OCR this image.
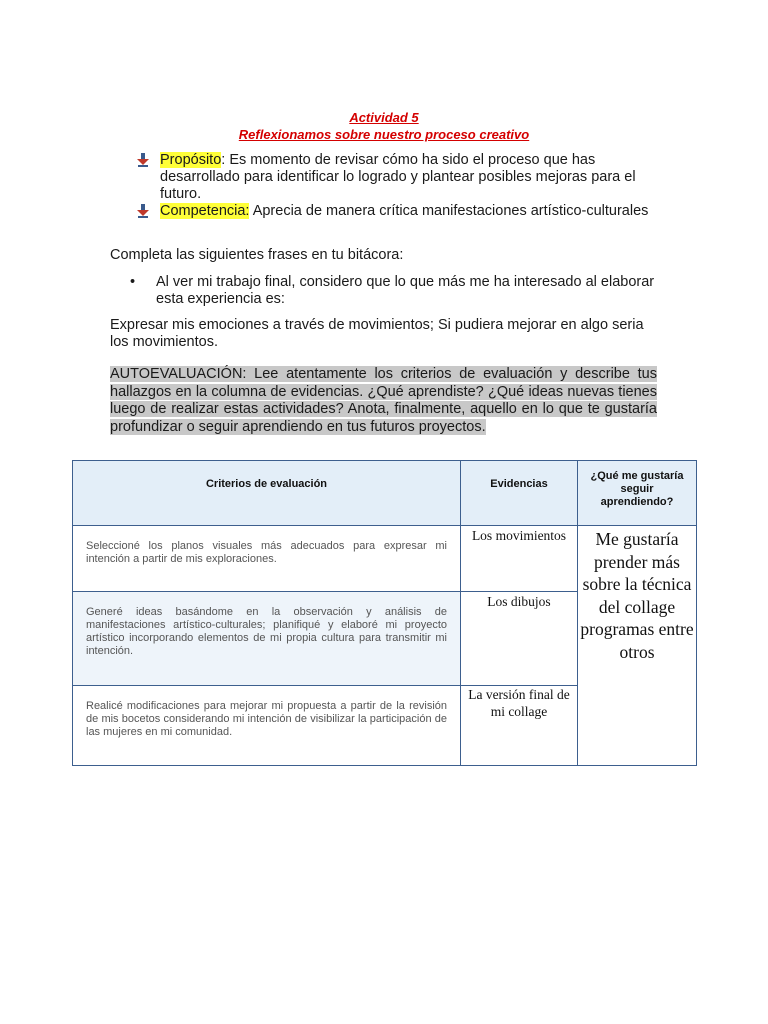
Actividad 5
Reflexionamos sobre nuestro proceso creativo
Propósito: Es momento de revisar cómo ha sido el proceso que has desarrollado para identificar lo logrado y plantear posibles mejoras para el futuro.
Competencia: Aprecia de manera crítica manifestaciones artístico-culturales
Completa las siguientes frases en tu bitácora:
• Al ver mi trabajo final, considero que lo que más me ha interesado al elaborar esta experiencia es:
Expresar mis emociones a través de movimientos; Si pudiera mejorar en algo seria los movimientos.
AUTOEVALUACIÓN: Lee atentamente los criterios de evaluación y describe tus hallazgos en la columna de evidencias. ¿Qué aprendiste? ¿Qué ideas nuevas tienes luego de realizar estas actividades? Anota, finalmente, aquello en lo que te gustaría profundizar o seguir aprendiendo en tus futuros proyectos.
Criterios de evaluación	Evidencias	¿Qué me gustaría seguir aprendiendo?

Seleccioné los planos visuales más adecuados para expresar mi intención a partir de mis exploraciones.	Los movimientos	Me gustaría prender más sobre la técnica del collage programas entre otros

Generé ideas basándome en la observación y análisis de manifestaciones artístico-culturales; planifiqué y elaboré mi proyecto artístico incorporando elementos de mi propia cultura para transmitir mi intención.	Los dibujos	

Realicé modificaciones para mejorar mi propuesta a partir de la revisión de mis bocetos considerando mi intención de visibilizar la participación de las mujeres en mi comunidad.	La versión final de mi collage	
